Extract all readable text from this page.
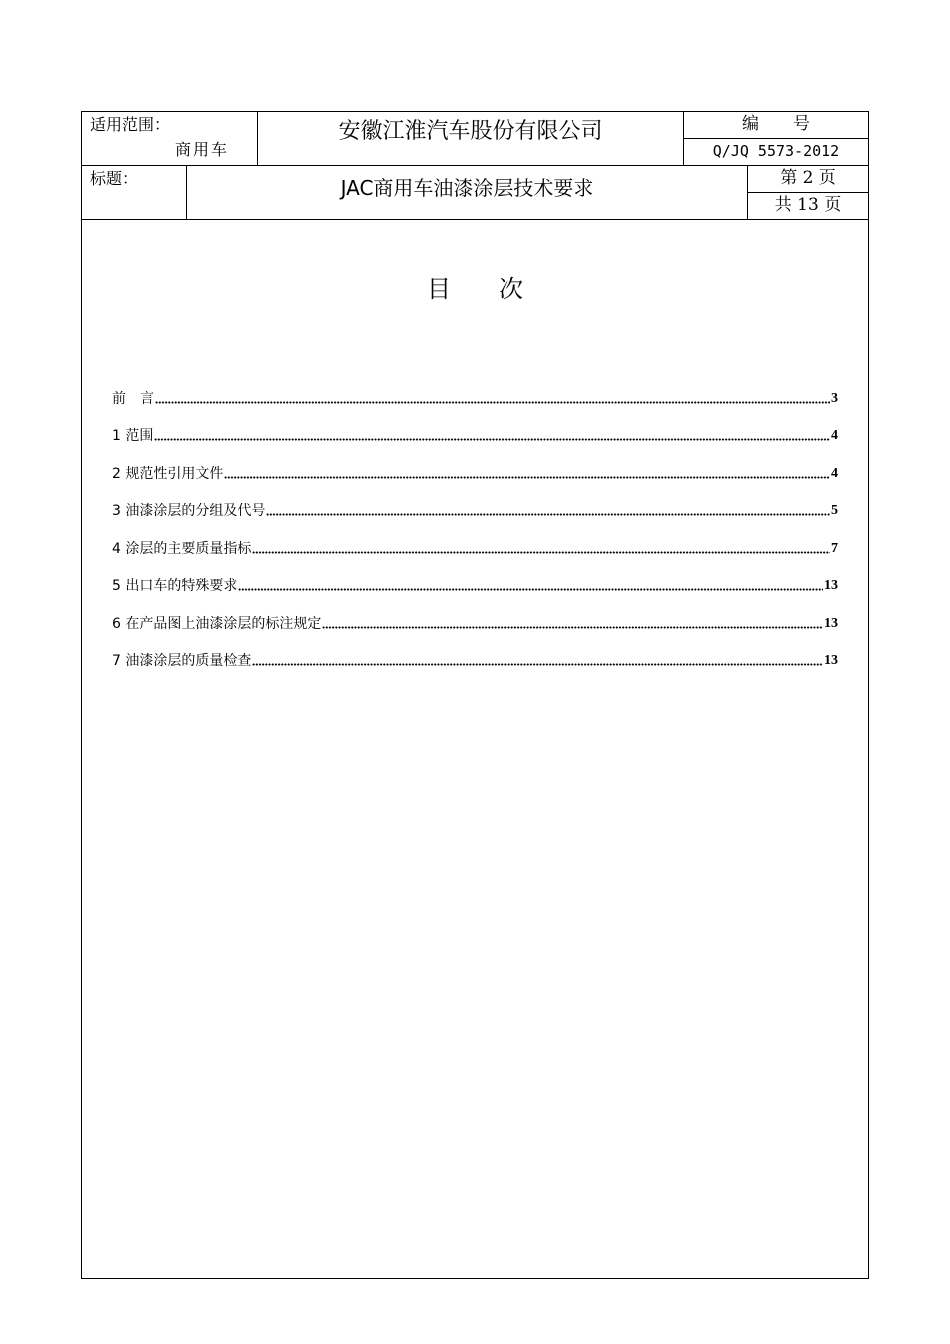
适用范围：
商用车
安徽江淮汽车股份有限公司	编　　号
Q/JQ 5573-2012
标题：	JAC商用车油漆涂层技术要求	第 2 页
共 13 页
目　　次
前　言	3
1 范围	4
2 规范性引用文件	4
3 油漆涂层的分组及代号	5
4 涂层的主要质量指标	7
5 出口车的特殊要求	13
6 在产品图上油漆涂层的标注规定	13
7 油漆涂层的质量检查	13
